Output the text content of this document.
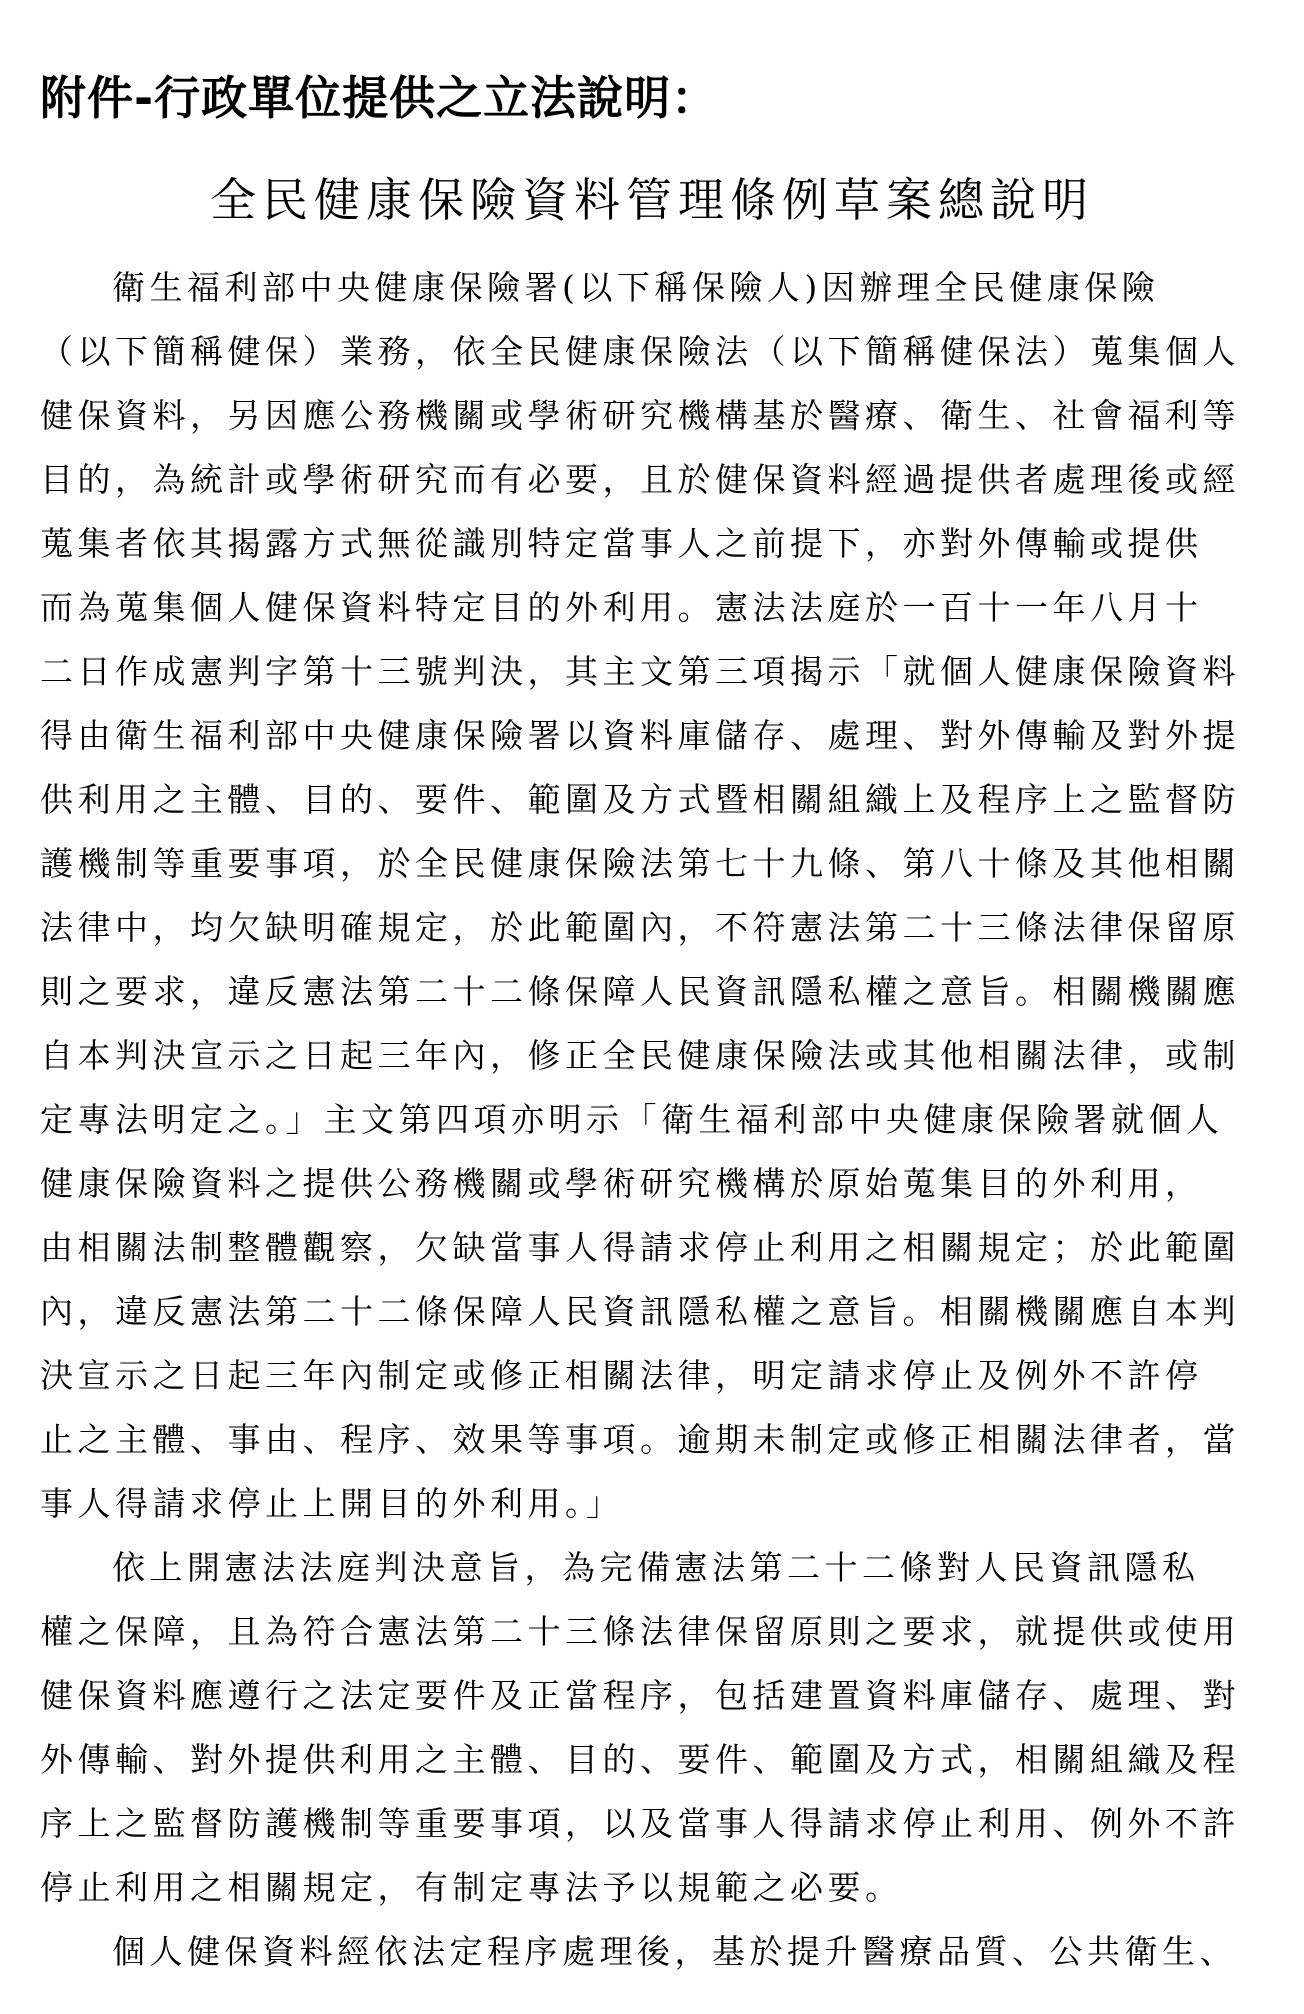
附件-行政單位提供之立法說明：
全民健康保險資料管理條例草案總說明
衛生福利部中央健康保險署(以下稱保險人)因辦理全民健康保險
（以下簡稱健保）業務，依全民健康保險法（以下簡稱健保法）蒐集個人
健保資料，另因應公務機關或學術研究機構基於醫療、衛生、社會福利等
目的，為統計或學術研究而有必要，且於健保資料經過提供者處理後或經
蒐集者依其揭露方式無從識別特定當事人之前提下，亦對外傳輸或提供
而為蒐集個人健保資料特定目的外利用。憲法法庭於一百十一年八月十
二日作成憲判字第十三號判決，其主文第三項揭示「就個人健康保險資料
得由衛生福利部中央健康保險署以資料庫儲存、處理、對外傳輸及對外提
供利用之主體、目的、要件、範圍及方式暨相關組織上及程序上之監督防
護機制等重要事項，於全民健康保險法第七十九條、第八十條及其他相關
法律中，均欠缺明確規定，於此範圍內，不符憲法第二十三條法律保留原
則之要求，違反憲法第二十二條保障人民資訊隱私權之意旨。相關機關應
自本判決宣示之日起三年內，修正全民健康保險法或其他相關法律，或制
定專法明定之。」主文第四項亦明示「衛生福利部中央健康保險署就個人
健康保險資料之提供公務機關或學術研究機構於原始蒐集目的外利用，
由相關法制整體觀察，欠缺當事人得請求停止利用之相關規定；於此範圍
內，違反憲法第二十二條保障人民資訊隱私權之意旨。相關機關應自本判
決宣示之日起三年內制定或修正相關法律，明定請求停止及例外不許停
止之主體、事由、程序、效果等事項。逾期未制定或修正相關法律者，當
事人得請求停止上開目的外利用。」
依上開憲法法庭判決意旨，為完備憲法第二十二條對人民資訊隱私
權之保障，且為符合憲法第二十三條法律保留原則之要求，就提供或使用
健保資料應遵行之法定要件及正當程序，包括建置資料庫儲存、處理、對
外傳輸、對外提供利用之主體、目的、要件、範圍及方式，相關組織及程
序上之監督防護機制等重要事項，以及當事人得請求停止利用、例外不許
停止利用之相關規定，有制定專法予以規範之必要。
個人健保資料經依法定程序處理後，基於提升醫療品質、公共衛生、
